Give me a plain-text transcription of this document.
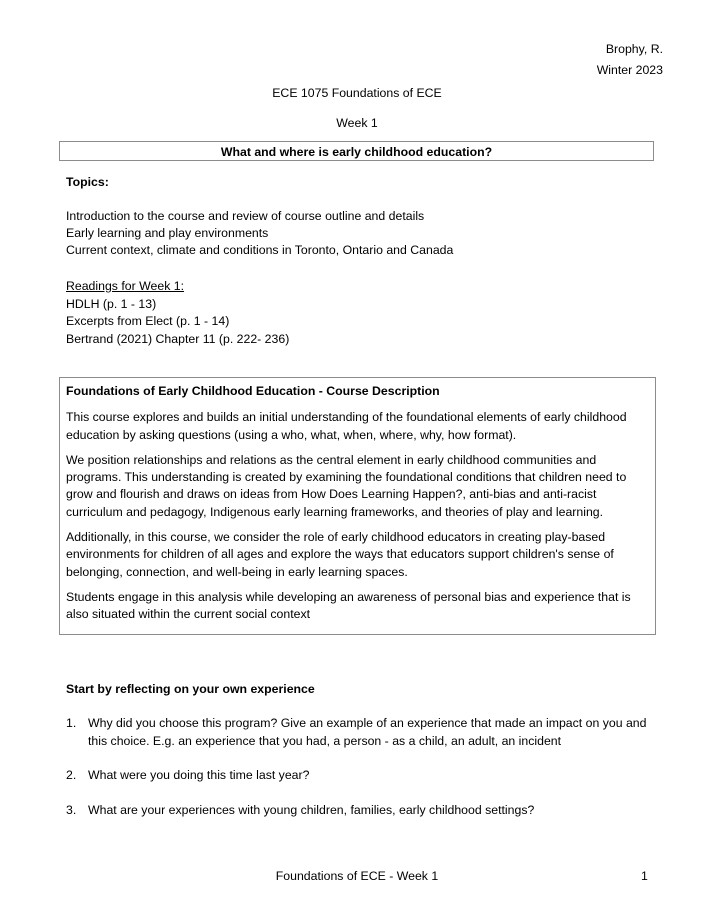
Brophy, R.
Winter 2023
ECE 1075 Foundations of ECE
Week 1
What and where is early childhood education?
Topics:
Introduction to the course and review of course outline and details
Early learning and play environments
Current context, climate and conditions in Toronto, Ontario and Canada
Readings for Week 1:
HDLH (p. 1 - 13)
Excerpts from Elect (p. 1 - 14)
Bertrand (2021) Chapter 11 (p. 222- 236)

Foundations of Early Childhood Education - Course Description

This course explores and builds an initial understanding of the foundational elements of early childhood education by asking questions (using a who, what, when, where, why, how format).

We position relationships and relations as the central element in early childhood communities and programs. This understanding is created by examining the foundational conditions that children need to grow and flourish and draws on ideas from How Does Learning Happen?, anti-bias and anti-racist curriculum and pedagogy, Indigenous early learning frameworks, and theories of play and learning.

Additionally, in this course, we consider the role of early childhood educators in creating play-based environments for children of all ages and explore the ways that educators support children's sense of belonging, connection, and well-being in early learning spaces.

Students engage in this analysis while developing an awareness of personal bias and experience that is also situated within the current social context

Start by reflecting on your own experience
1. Why did you choose this program? Give an example of an experience that made an impact on you and this choice. E.g. an experience that you had, a person - as a child, an adult, an incident
2. What were you doing this time last year?
3. What are your experiences with young children, families, early childhood settings?
Foundations of ECE - Week 1	1
